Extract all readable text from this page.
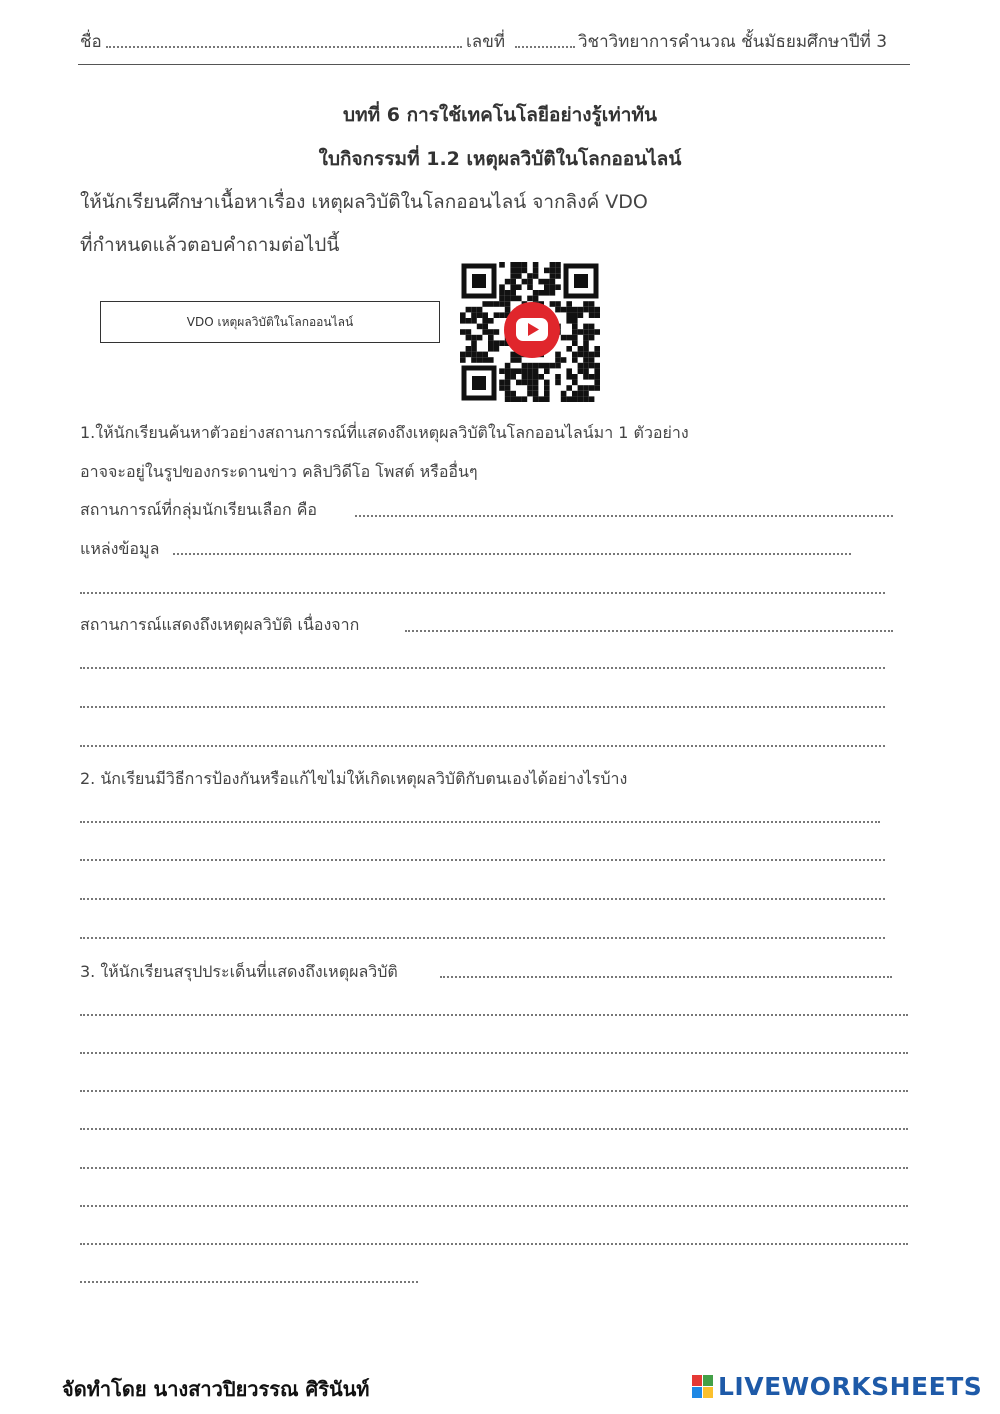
ชื่อ	เลขที่	วิชาวิทยาการคำนวณ ชั้นมัธยมศึกษาปีที่ 3
บทที่ 6 การใช้เทคโนโลยีอย่างรู้เท่าทัน
ใบกิจกรรมที่ 1.2 เหตุผลวิบัติในโลกออนไลน์
ให้นักเรียนศึกษาเนื้อหาเรื่อง เหตุผลวิบัติในโลกออนไลน์ จากลิงค์ VDO
ที่กำหนดแล้วตอบคำถามต่อไปนี้
VDO เหตุผลวิบัติในโลกออนไลน์
1.ให้นักเรียนค้นหาตัวอย่างสถานการณ์ที่แสดงถึงเหตุผลวิบัติในโลกออนไลน์มา 1 ตัวอย่าง
อาจจะอยู่ในรูปของกระดานข่าว คลิปวิดีโอ โพสต์ หรืออื่นๆ
สถานการณ์ที่กลุ่มนักเรียนเลือก คือ
แหล่งข้อมูล
สถานการณ์แสดงถึงเหตุผลวิบัติ เนื่องจาก
2. นักเรียนมีวิธีการป้องกันหรือแก้ไขไม่ให้เกิดเหตุผลวิบัติกับตนเองได้อย่างไรบ้าง
3. ให้นักเรียนสรุปประเด็นที่แสดงถึงเหตุผลวิบัติ
จัดทำโดย นางสาวปิยวรรณ ศิรินันท์	LIVEWORKSHEETS
